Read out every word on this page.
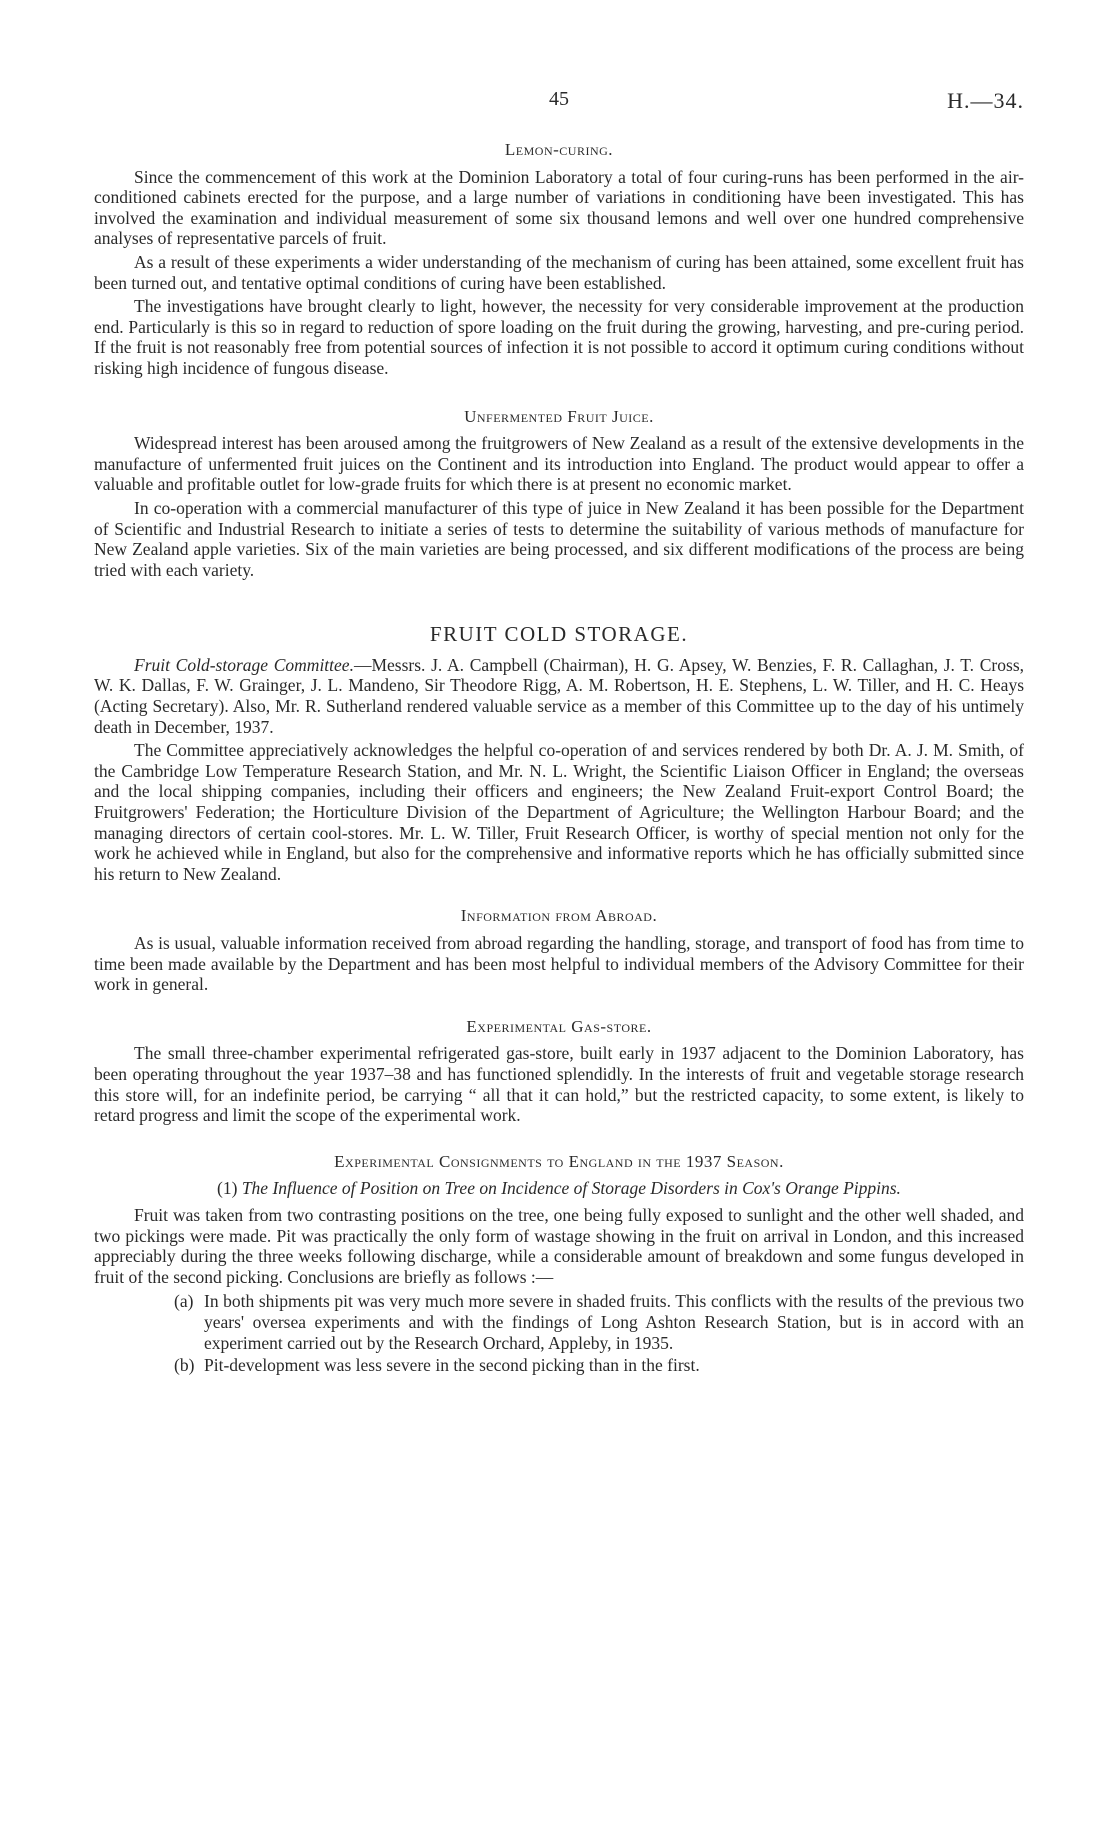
45	H.—34.
Lemon-curing.

Since the commencement of this work at the Dominion Laboratory a total of four curing-runs has been performed in the air-conditioned cabinets erected for the purpose, and a large number of variations in conditioning have been investigated. This has involved the examination and individual measurement of some six thousand lemons and well over one hundred comprehensive analyses of representative parcels of fruit.

As a result of these experiments a wider understanding of the mechanism of curing has been attained, some excellent fruit has been turned out, and tentative optimal conditions of curing have been established.

The investigations have brought clearly to light, however, the necessity for very considerable improvement at the production end. Particularly is this so in regard to reduction of spore loading on the fruit during the growing, harvesting, and pre-curing period. If the fruit is not reasonably free from potential sources of infection it is not possible to accord it optimum curing conditions without risking high incidence of fungous disease.

Unfermented Fruit Juice.

Widespread interest has been aroused among the fruitgrowers of New Zealand as a result of the extensive developments in the manufacture of unfermented fruit juices on the Continent and its introduction into England. The product would appear to offer a valuable and profitable outlet for low-grade fruits for which there is at present no economic market.

In co-operation with a commercial manufacturer of this type of juice in New Zealand it has been possible for the Department of Scientific and Industrial Research to initiate a series of tests to determine the suitability of various methods of manufacture for New Zealand apple varieties. Six of the main varieties are being processed, and six different modifications of the process are being tried with each variety.

FRUIT COLD STORAGE.

Fruit Cold-storage Committee.—Messrs. J. A. Campbell (Chairman), H. G. Apsey, W. Benzies, F. R. Callaghan, J. T. Cross, W. K. Dallas, F. W. Grainger, J. L. Mandeno, Sir Theodore Rigg, A. M. Robertson, H. E. Stephens, L. W. Tiller, and H. C. Heays (Acting Secretary). Also, Mr. R. Sutherland rendered valuable service as a member of this Committee up to the day of his untimely death in December, 1937.

The Committee appreciatively acknowledges the helpful co-operation of and services rendered by both Dr. A. J. M. Smith, of the Cambridge Low Temperature Research Station, and Mr. N. L. Wright, the Scientific Liaison Officer in England; the overseas and the local shipping companies, including their officers and engineers; the New Zealand Fruit-export Control Board; the Fruitgrowers' Federation; the Horticulture Division of the Department of Agriculture; the Wellington Harbour Board; and the managing directors of certain cool-stores. Mr. L. W. Tiller, Fruit Research Officer, is worthy of special mention not only for the work he achieved while in England, but also for the comprehensive and informative reports which he has officially submitted since his return to New Zealand.

Information from Abroad.

As is usual, valuable information received from abroad regarding the handling, storage, and transport of food has from time to time been made available by the Department and has been most helpful to individual members of the Advisory Committee for their work in general.

Experimental Gas-store.

The small three-chamber experimental refrigerated gas-store, built early in 1937 adjacent to the Dominion Laboratory, has been operating throughout the year 1937–38 and has functioned splendidly. In the interests of fruit and vegetable storage research this store will, for an indefinite period, be carrying “ all that it can hold,” but the restricted capacity, to some extent, is likely to retard progress and limit the scope of the experimental work.

Experimental Consignments to England in the 1937 Season.
(1) The Influence of Position on Tree on Incidence of Storage Disorders in Cox's Orange Pippins.

Fruit was taken from two contrasting positions on the tree, one being fully exposed to sunlight and the other well shaded, and two pickings were made. Pit was practically the only form of wastage showing in the fruit on arrival in London, and this increased appreciably during the three weeks following discharge, while a considerable amount of breakdown and some fungus developed in fruit of the second picking. Conclusions are briefly as follows :—

(a) In both shipments pit was very much more severe in shaded fruits. This conflicts with the results of the previous two years' oversea experiments and with the findings of Long Ashton Research Station, but is in accord with an experiment carried out by the Research Orchard, Appleby, in 1935.
(b) Pit-development was less severe in the second picking than in the first.
